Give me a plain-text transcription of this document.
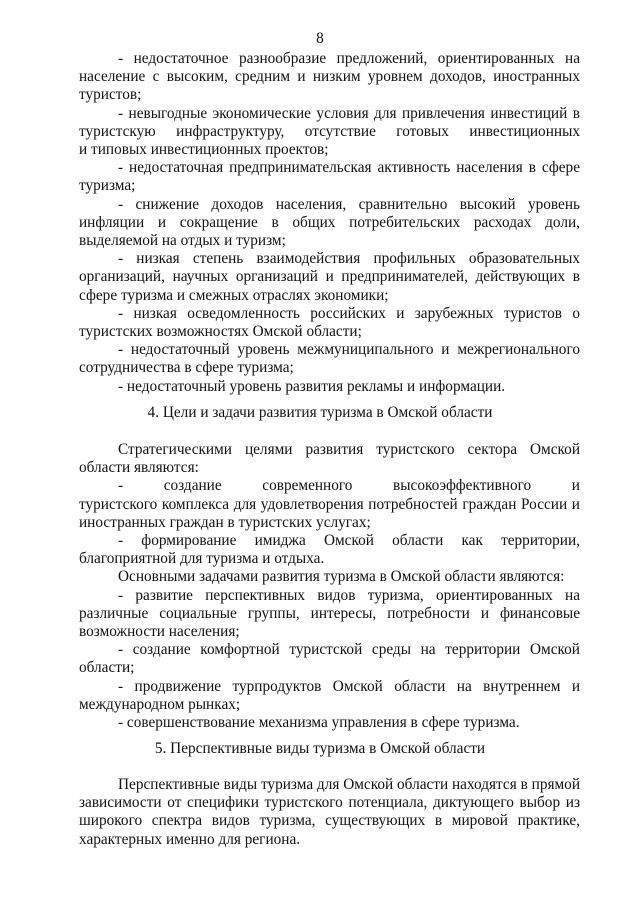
8
- недостаточное разнообразие предложений, ориентированных на
население с высоким, средним и низким уровнем доходов, иностранных
туристов;
- невыгодные экономические условия для привлечения инвестиций в
туристскую инфраструктуру, отсутствие готовых инвестиционных
и типовых инвестиционных проектов;
- недостаточная предпринимательская активность населения в сфере
туризма;
- снижение доходов населения, сравнительно высокий уровень
инфляции и сокращение в общих потребительских расходах доли,
выделяемой на отдых и туризм;
- низкая степень взаимодействия профильных образовательных
организаций, научных организаций и предпринимателей, действующих в
сфере туризма и смежных отраслях экономики;
- низкая осведомленность российских и зарубежных туристов о
туристских возможностях Омской области;
- недостаточный уровень межмуниципального и межрегионального
сотрудничества в сфере туризма;
- недостаточный уровень развития рекламы и информации.
4. Цели и задачи развития туризма в Омской области
Стратегическими целями развития туристского сектора Омской
области являются:
- создание современного высокоэффективного и
туристского комплекса для удовлетворения потребностей граждан России и
иностранных граждан в туристских услугах;
- формирование имиджа Омской области как территории,
благоприятной для туризма и отдыха.
Основными задачами развития туризма в Омской области являются:
- развитие перспективных видов туризма, ориентированных на
различные социальные группы, интересы, потребности и финансовые
возможности населения;
- создание комфортной туристской среды на территории Омской
области;
- продвижение турпродуктов Омской области на внутреннем и
международном рынках;
- совершенствование механизма управления в сфере туризма.
5. Перспективные виды туризма в Омской области
Перспективные виды туризма для Омской области находятся в прямой
зависимости от специфики туристского потенциала, диктующего выбор из
широкого спектра видов туризма, существующих в мировой практике,
характерных именно для региона.
